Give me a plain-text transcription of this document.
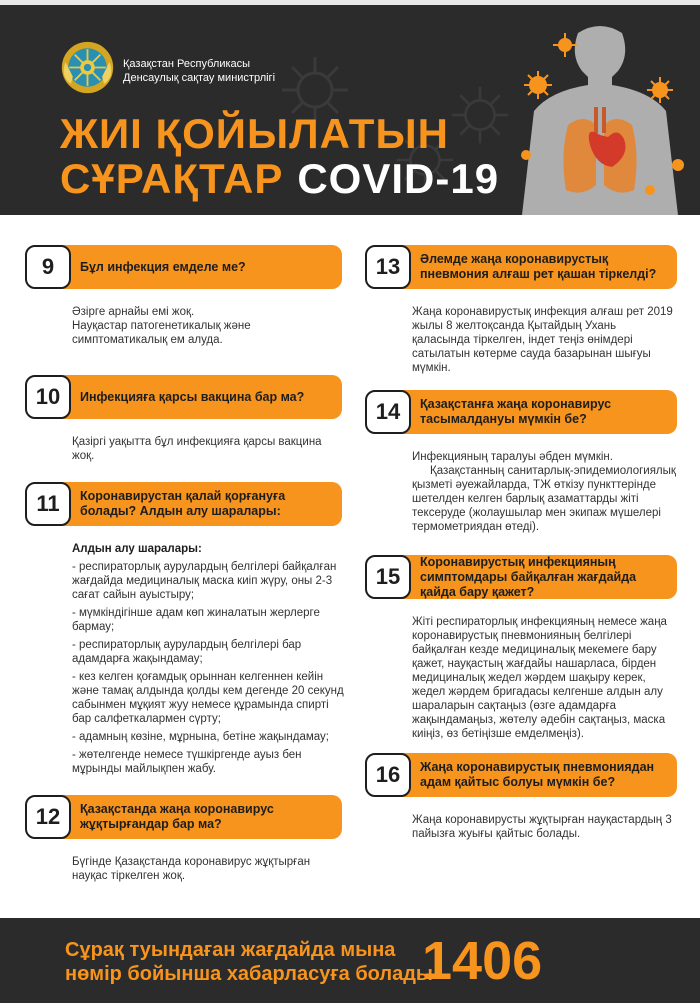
Қазақстан Республикасы
Денсаулық сақтау министрлігі
ЖИІ ҚОЙЫЛАТЫН
СҰРАҚТАР COVID-19
9	Бұл инфекция емделе ме?

Әзірге арнайы емі жоқ.

Науқастар патогенетикалық және симптоматикалық ем алуда.

10	Инфекцияға қарсы вакцина бар ма?

Қазіргі уақытта бұл инфекцияға қарсы вакцина жоқ.

11	Коронавирустан қалай қорғануға болады? Алдын алу шаралары:

Алдын алу шаралары:

- респираторлық аурулардың белгілері байқалған жағдайда медициналық маска киіп жүру, оны 2-3 сағат сайын ауыстыру;

- мүмкіндігінше адам көп жиналатын жерлерге бармау;

- респираторлық аурулардың белгілері бар адамдарға жақындамау;

- кез келген қоғамдық орыннан келгеннен кейін және тамақ алдында қолды кем дегенде 20 секунд сабынмен мұқият жуу немесе құрамында спирті бар салфеткалармен сүрту;

- адамның көзіне, мұрнына, бетіне жақындамау;

- жөтелгенде немесе түшкіргенде ауыз бен мұрынды майлықпен жабу.

12	Қазақстанда жаңа коронавирус жұқтырғандар бар ма?

Бүгінде Қазақстанда коронавирус жұқтырған науқас тіркелген жоқ.

13	Әлемде жаңа коронавирустық пневмония алғаш рет қашан тіркелді?

Жаңа коронавирустық инфекция алғаш рет 2019 жылы 8 желтоқсанда Қытайдың Ухань қаласында тіркелген, індет теңіз өнімдері сатылатын көтерме сауда базарынан шығуы мүмкін.

14	Қазақстанға жаңа коронавирус тасымалдануы мүмкін бе?

Инфекцияның таралуы әбден мүмкін.

Қазақстанның санитарлық-эпидемиологиялық қызметі әуежайларда, ТЖ өткізу пункттерінде шетелден келген барлық азаматтарды жіті тексеруде (жолаушылар мен экипаж мүшелері термометриядан өтеді).

15
Коронавирустық инфекцияның симптомдары байқалған жағдайда қайда бару қажет?

Жіті респираторлық инфекцияның немесе жаңа коронавирустық пневмонияның белгілері байқалған кезде медициналық мекемеге бару қажет, науқастың жағдайы нашарласа, бірден медициналық жедел жәрдем шақыру керек, жедел жәрдем бригадасы келгенше алдын алу шараларын сақтаңыз (өзге адамдарға жақындамаңыз, жөтелу әдебін сақтаңыз, маска киіңіз, өз бетіңізше емделмеңіз).

16	Жаңа коронавирустық пневмониядан адам қайтыс болуы мүмкін бе?

Жаңа коронавирусты жұқтырған науқастардың 3 пайызға жуығы қайтыс болады.

Сұрақ туындаған жағдайда мына
нөмір бойынша хабарласуға болады
1406
